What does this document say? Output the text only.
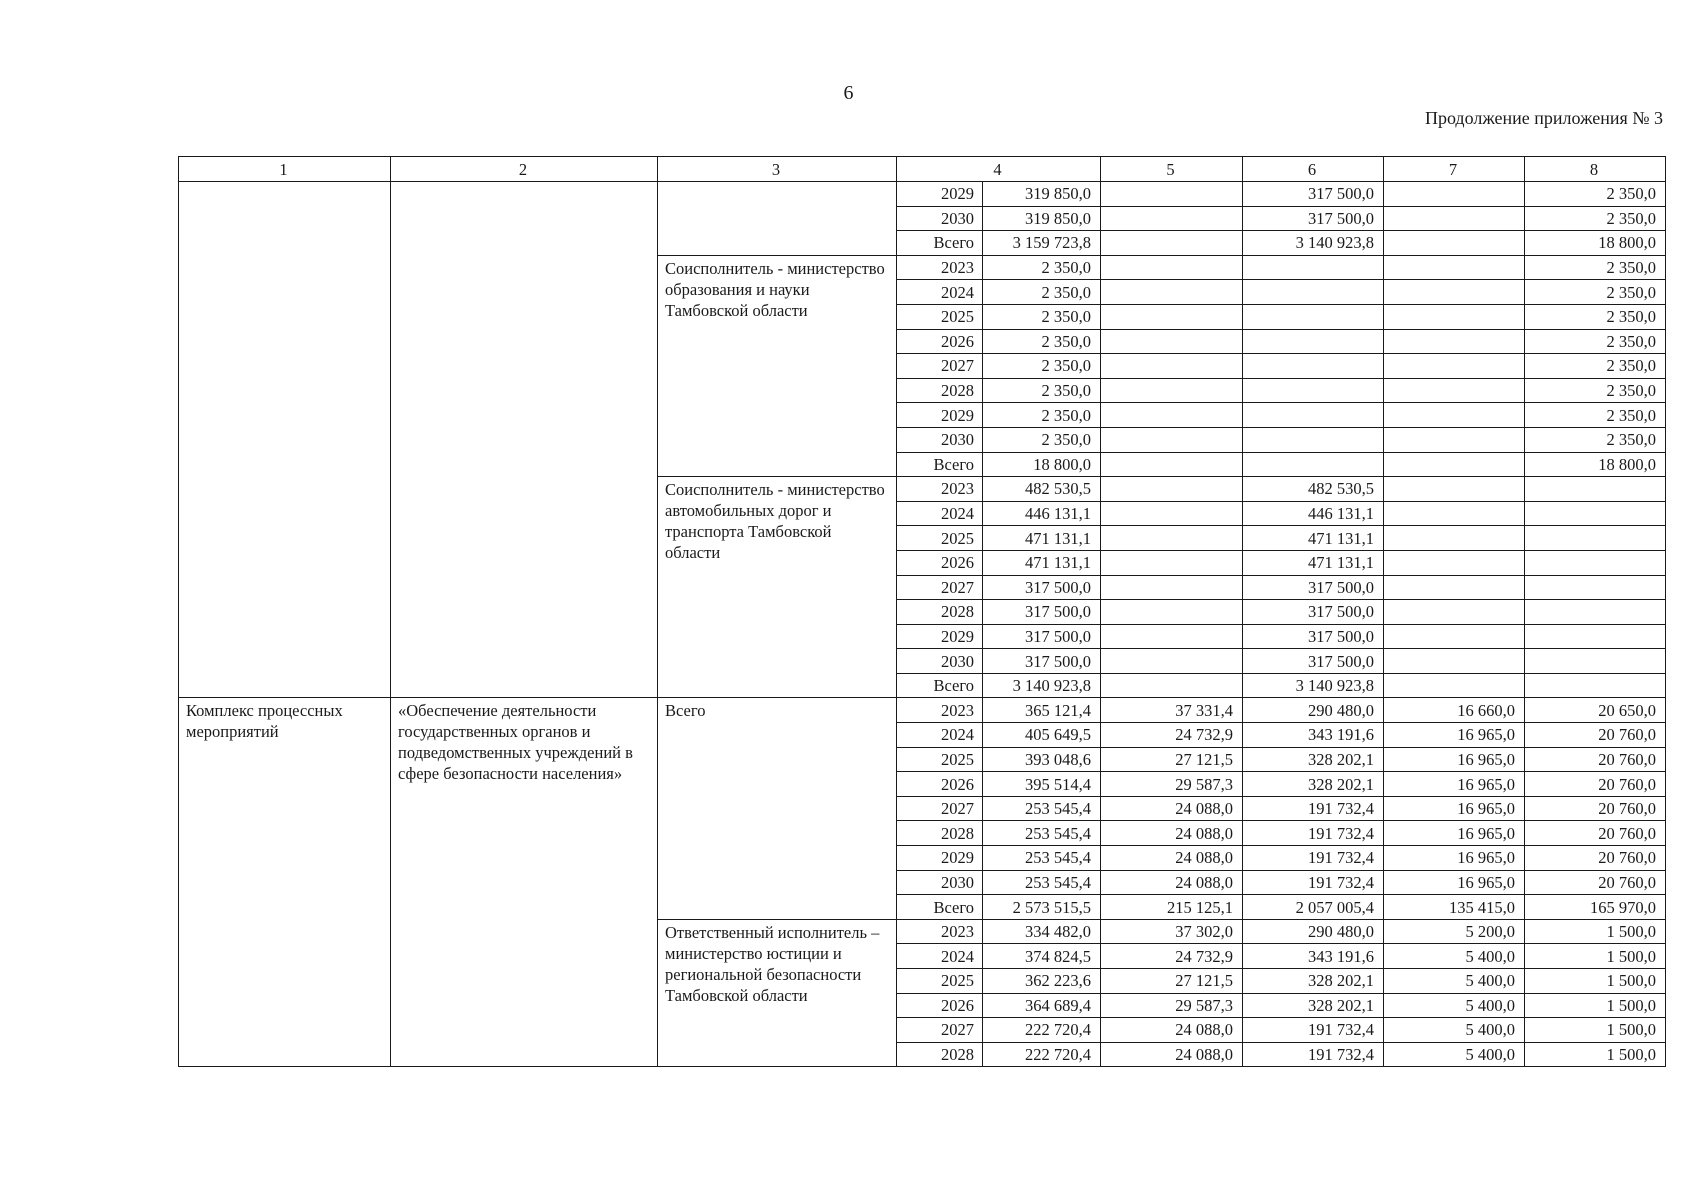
6
Продолжение приложения № 3
1	2	3	4		5	6	7	8
			2029	319 850,0		317 500,0		2 350,0
			2030	319 850,0		317 500,0		2 350,0
			Всего	3 159 723,8		3 140 923,8		18 800,0
		Соисполнитель - министерство образования и науки Тамбовской области	2023	2 350,0				2 350,0
			2024	2 350,0				2 350,0
			2025	2 350,0				2 350,0
			2026	2 350,0				2 350,0
			2027	2 350,0				2 350,0
			2028	2 350,0				2 350,0
			2029	2 350,0				2 350,0
			2030	2 350,0				2 350,0
			Всего	18 800,0				18 800,0
		Соисполнитель - министерство автомобильных дорог и транспорта Тамбовской области	2023	482 530,5		482 530,5		
			2024	446 131,1		446 131,1		
			2025	471 131,1		471 131,1		
			2026	471 131,1		471 131,1		
			2027	317 500,0		317 500,0		
			2028	317 500,0		317 500,0		
			2029	317 500,0		317 500,0		
			2030	317 500,0		317 500,0		
			Всего	3 140 923,8		3 140 923,8		
Комплекс процессных мероприятий	«Обеспечение деятельности государственных органов и подведомственных учреждений в сфере безопасности населения»	Всего	2023	365 121,4	37 331,4	290 480,0	16 660,0	20 650,0
			2024	405 649,5	24 732,9	343 191,6	16 965,0	20 760,0
			2025	393 048,6	27 121,5	328 202,1	16 965,0	20 760,0
			2026	395 514,4	29 587,3	328 202,1	16 965,0	20 760,0
			2027	253 545,4	24 088,0	191 732,4	16 965,0	20 760,0
			2028	253 545,4	24 088,0	191 732,4	16 965,0	20 760,0
			2029	253 545,4	24 088,0	191 732,4	16 965,0	20 760,0
			2030	253 545,4	24 088,0	191 732,4	16 965,0	20 760,0
			Всего	2 573 515,5	215 125,1	2 057 005,4	135 415,0	165 970,0
		Ответственный исполнитель – министерство юстиции и региональной безопасности Тамбовской области	2023	334 482,0	37 302,0	290 480,0	5 200,0	1 500,0
			2024	374 824,5	24 732,9	343 191,6	5 400,0	1 500,0
			2025	362 223,6	27 121,5	328 202,1	5 400,0	1 500,0
			2026	364 689,4	29 587,3	328 202,1	5 400,0	1 500,0
			2027	222 720,4	24 088,0	191 732,4	5 400,0	1 500,0
			2028	222 720,4	24 088,0	191 732,4	5 400,0	1 500,0
